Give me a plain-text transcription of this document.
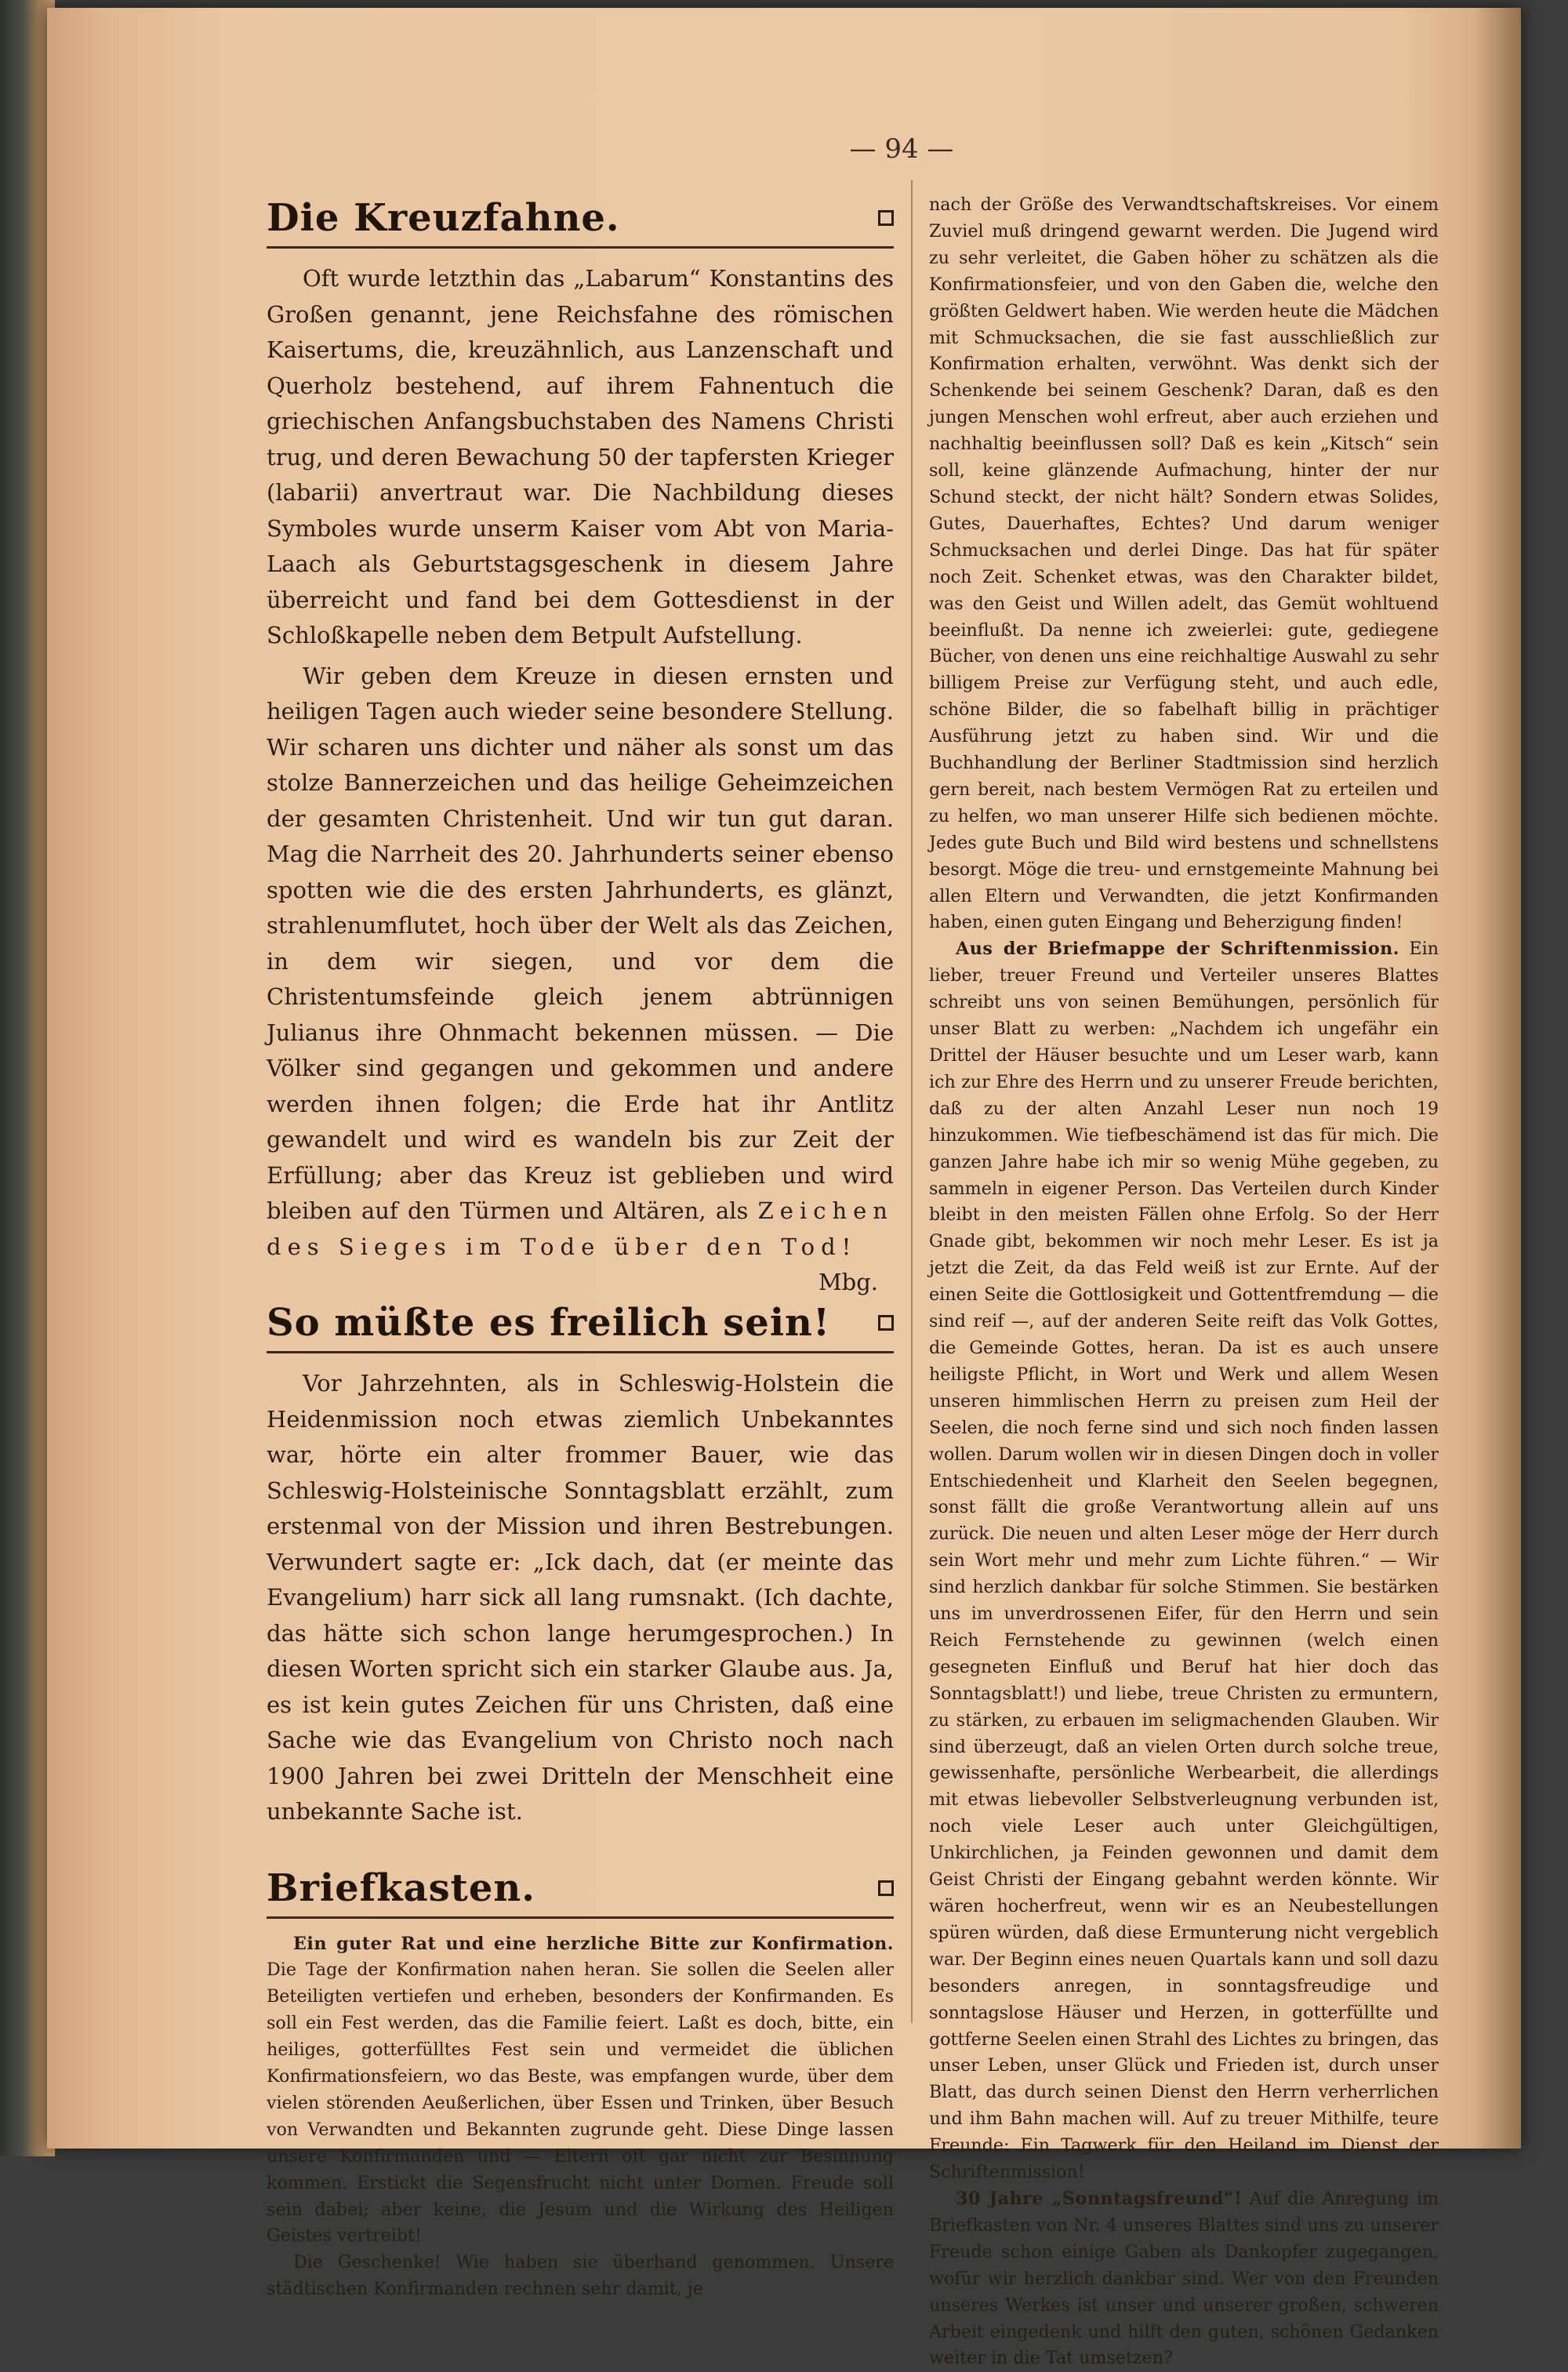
— 94 —
Die Kreuzfahne.

Oft wurde letzthin das „Labarum“ Konstantins des Großen genannt, jene Reichsfahne des römischen Kaisertums, die, kreuzähnlich, aus Lanzenschaft und Querholz bestehend, auf ihrem Fahnentuch die griechischen Anfangsbuchstaben des Namens Christi trug, und deren Bewachung 50 der tapfersten Krieger (labarii) anvertraut war. Die Nachbildung dieses Symboles wurde unserm Kaiser vom Abt von Maria-Laach als Geburtstagsgeschenk in diesem Jahre überreicht und fand bei dem Gottesdienst in der Schloßkapelle neben dem Betpult Aufstellung.

Wir geben dem Kreuze in diesen ernsten und heiligen Tagen auch wieder seine besondere Stellung. Wir scharen uns dichter und näher als sonst um das stolze Bannerzeichen und das heilige Geheimzeichen der gesamten Christenheit. Und wir tun gut daran. Mag die Narrheit des 20. Jahrhunderts seiner ebenso spotten wie die des ersten Jahrhunderts, es glänzt, strahlenumflutet, hoch über der Welt als das Zeichen, in dem wir siegen, und vor dem die Christentumsfeinde gleich jenem abtrünnigen Julianus ihre Ohnmacht bekennen müssen. — Die Völker sind gegangen und gekommen und andere werden ihnen folgen; die Erde hat ihr Antlitz gewandelt und wird es wandeln bis zur Zeit der Erfüllung; aber das Kreuz ist geblieben und wird bleiben auf den Türmen und Altären, als Zeichen des Sieges im Tode über den Tod!
Mbg.

So müßte es freilich sein!

Vor Jahrzehnten, als in Schleswig-Holstein die Heidenmission noch etwas ziemlich Unbekanntes war, hörte ein alter frommer Bauer, wie das Schleswig-Holsteinische Sonntagsblatt erzählt, zum erstenmal von der Mission und ihren Bestrebungen. Verwundert sagte er: „Ick dach, dat (er meinte das Evangelium) harr sick all lang rumsnakt. (Ich dachte, das hätte sich schon lange herumgesprochen.) In diesen Worten spricht sich ein starker Glaube aus. Ja, es ist kein gutes Zeichen für uns Christen, daß eine Sache wie das Evangelium von Christo noch nach 1900 Jahren bei zwei Dritteln der Menschheit eine unbekannte Sache ist.

Briefkasten.

Ein guter Rat und eine herzliche Bitte zur Konfirmation. Die Tage der Konfirmation nahen heran. Sie sollen die Seelen aller Beteiligten vertiefen und erheben, besonders der Konfirmanden. Es soll ein Fest werden, das die Familie feiert. Laßt es doch, bitte, ein heiliges, gotterfülltes Fest sein und vermeidet die üblichen Konfirmationsfeiern, wo das Beste, was empfangen wurde, über dem vielen störenden Aeußerlichen, über Essen und Trinken, über Besuch von Verwandten und Bekannten zugrunde geht. Diese Dinge lassen unsere Konfirmanden und — Eltern oft gar nicht zur Besinnung kommen. Erstickt die Segensfrucht nicht unter Dornen. Freude soll sein dabei; aber keine, die Jesum und die Wirkung des Heiligen Geistes vertreibt!

Die Geschenke! Wie haben sie überhand genommen. Unsere städtischen Konfirmanden rechnen sehr damit, je

nach der Größe des Verwandtschaftskreises. Vor einem Zuviel muß dringend gewarnt werden. Die Jugend wird zu sehr verleitet, die Gaben höher zu schätzen als die Konfirmationsfeier, und von den Gaben die, welche den größten Geldwert haben. Wie werden heute die Mädchen mit Schmucksachen, die sie fast ausschließlich zur Konfirmation erhalten, verwöhnt. Was denkt sich der Schenkende bei seinem Geschenk? Daran, daß es den jungen Menschen wohl erfreut, aber auch erziehen und nachhaltig beeinflussen soll? Daß es kein „Kitsch“ sein soll, keine glänzende Aufmachung, hinter der nur Schund steckt, der nicht hält? Sondern etwas Solides, Gutes, Dauerhaftes, Echtes? Und darum weniger Schmucksachen und derlei Dinge. Das hat für später noch Zeit. Schenket etwas, was den Charakter bildet, was den Geist und Willen adelt, das Gemüt wohltuend beeinflußt. Da nenne ich zweierlei: gute, gediegene Bücher, von denen uns eine reichhaltige Auswahl zu sehr billigem Preise zur Verfügung steht, und auch edle, schöne Bilder, die so fabelhaft billig in prächtiger Ausführung jetzt zu haben sind. Wir und die Buchhandlung der Berliner Stadtmission sind herzlich gern bereit, nach bestem Vermögen Rat zu erteilen und zu helfen, wo man unserer Hilfe sich bedienen möchte. Jedes gute Buch und Bild wird bestens und schnellstens besorgt. Möge die treu- und ernstgemeinte Mahnung bei allen Eltern und Verwandten, die jetzt Konfirmanden haben, einen guten Eingang und Beherzigung finden!

Aus der Briefmappe der Schriftenmission. Ein lieber, treuer Freund und Verteiler unseres Blattes schreibt uns von seinen Bemühungen, persönlich für unser Blatt zu werben: „Nachdem ich ungefähr ein Drittel der Häuser besuchte und um Leser warb, kann ich zur Ehre des Herrn und zu unserer Freude berichten, daß zu der alten Anzahl Leser nun noch 19 hinzukommen. Wie tiefbeschämend ist das für mich. Die ganzen Jahre habe ich mir so wenig Mühe gegeben, zu sammeln in eigener Person. Das Verteilen durch Kinder bleibt in den meisten Fällen ohne Erfolg. So der Herr Gnade gibt, bekommen wir noch mehr Leser. Es ist ja jetzt die Zeit, da das Feld weiß ist zur Ernte. Auf der einen Seite die Gottlosigkeit und Gottentfremdung — die sind reif —, auf der anderen Seite reift das Volk Gottes, die Gemeinde Gottes, heran. Da ist es auch unsere heiligste Pflicht, in Wort und Werk und allem Wesen unseren himmlischen Herrn zu preisen zum Heil der Seelen, die noch ferne sind und sich noch finden lassen wollen. Darum wollen wir in diesen Dingen doch in voller Entschiedenheit und Klarheit den Seelen begegnen, sonst fällt die große Verantwortung allein auf uns zurück. Die neuen und alten Leser möge der Herr durch sein Wort mehr und mehr zum Lichte führen.“ — Wir sind herzlich dankbar für solche Stimmen. Sie bestärken uns im unverdrossenen Eifer, für den Herrn und sein Reich Fernstehende zu gewinnen (welch einen gesegneten Einfluß und Beruf hat hier doch das Sonntagsblatt!) und liebe, treue Christen zu ermuntern, zu stärken, zu erbauen im seligmachenden Glauben. Wir sind überzeugt, daß an vielen Orten durch solche treue, gewissenhafte, persönliche Werbearbeit, die allerdings mit etwas liebevoller Selbstverleugnung verbunden ist, noch viele Leser auch unter Gleichgültigen, Unkirchlichen, ja Feinden gewonnen und damit dem Geist Christi der Eingang gebahnt werden könnte. Wir wären hocherfreut, wenn wir es an Neubestellungen spüren würden, daß diese Ermunterung nicht vergeblich war. Der Beginn eines neuen Quartals kann und soll dazu besonders anregen, in sonntagsfreudige und sonntagslose Häuser und Herzen, in gotterfüllte und gottferne Seelen einen Strahl des Lichtes zu bringen, das unser Leben, unser Glück und Frieden ist, durch unser Blatt, das durch seinen Dienst den Herrn verherrlichen und ihm Bahn machen will. Auf zu treuer Mithilfe, teure Freunde: Ein Tagwerk für den Heiland im Dienst der Schriftenmission!

30 Jahre „Sonntagsfreund“! Auf die Anregung im Briefkasten von Nr. 4 unseres Blattes sind uns zu unserer Freude schon einige Gaben als Dankopfer zugegangen, wofür wir herzlich dankbar sind. Wer von den Freunden unseres Werkes ist unser und unserer großen, schweren Arbeit eingedenk und hilft den guten, schönen Gedanken weiter in die Tat umsetzen?
